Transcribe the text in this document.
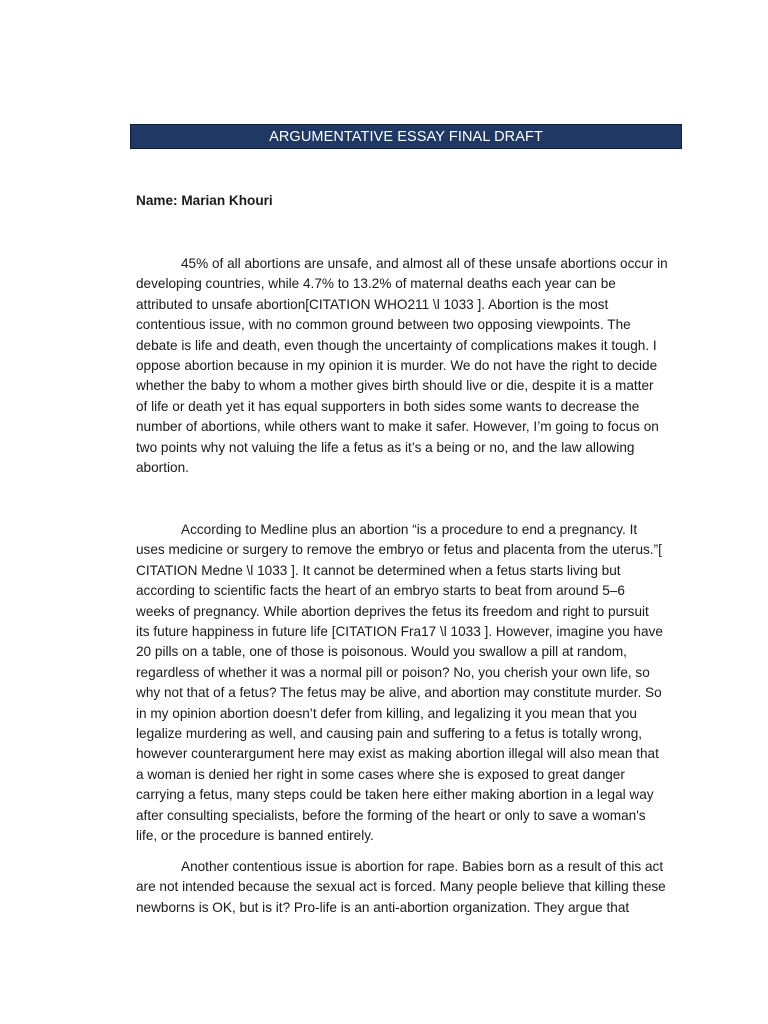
ARGUMENTATIVE ESSAY FINAL DRAFT
Name: Marian Khouri

45% of all abortions are unsafe, and almost all of these unsafe abortions occur in
developing countries, while 4.7% to 13.2% of maternal deaths each year can be
attributed to unsafe abortion[CITATION WHO211 \l 1033 ]. Abortion is the most
contentious issue, with no common ground between two opposing viewpoints. The
debate is life and death, even though the uncertainty of complications makes it tough. I
oppose abortion because in my opinion it is murder. We do not have the right to decide
whether the baby to whom a mother gives birth should live or die, despite it is a matter
of life or death yet it has equal supporters in both sides some wants to decrease the
number of abortions, while others want to make it safer. However, I’m going to focus on
two points why not valuing the life a fetus as it’s a being or no, and the law allowing
abortion.

According to Medline plus an abortion “is a procedure to end a pregnancy. It
uses medicine or surgery to remove the embryo or fetus and placenta from the uterus.”[
CITATION Medne \l 1033 ]. It cannot be determined when a fetus starts living but
according to scientific facts the heart of an embryo starts to beat from around 5–6
weeks of pregnancy. While abortion deprives the fetus its freedom and right to pursuit
its future happiness in future life [CITATION Fra17 \l 1033 ]. However, imagine you have
20 pills on a table, one of those is poisonous. Would you swallow a pill at random,
regardless of whether it was a normal pill or poison? No, you cherish your own life, so
why not that of a fetus? The fetus may be alive, and abortion may constitute murder. So
in my opinion abortion doesn’t defer from killing, and legalizing it you mean that you
legalize murdering as well, and causing pain and suffering to a fetus is totally wrong,
however counterargument here may exist as making abortion illegal will also mean that
a woman is denied her right in some cases where she is exposed to great danger
carrying a fetus, many steps could be taken here either making abortion in a legal way
after consulting specialists, before the forming of the heart or only to save a woman's
life, or the procedure is banned entirely.

Another contentious issue is abortion for rape. Babies born as a result of this act
are not intended because the sexual act is forced. Many people believe that killing these
newborns is OK, but is it? Pro-life is an anti-abortion organization. They argue that
